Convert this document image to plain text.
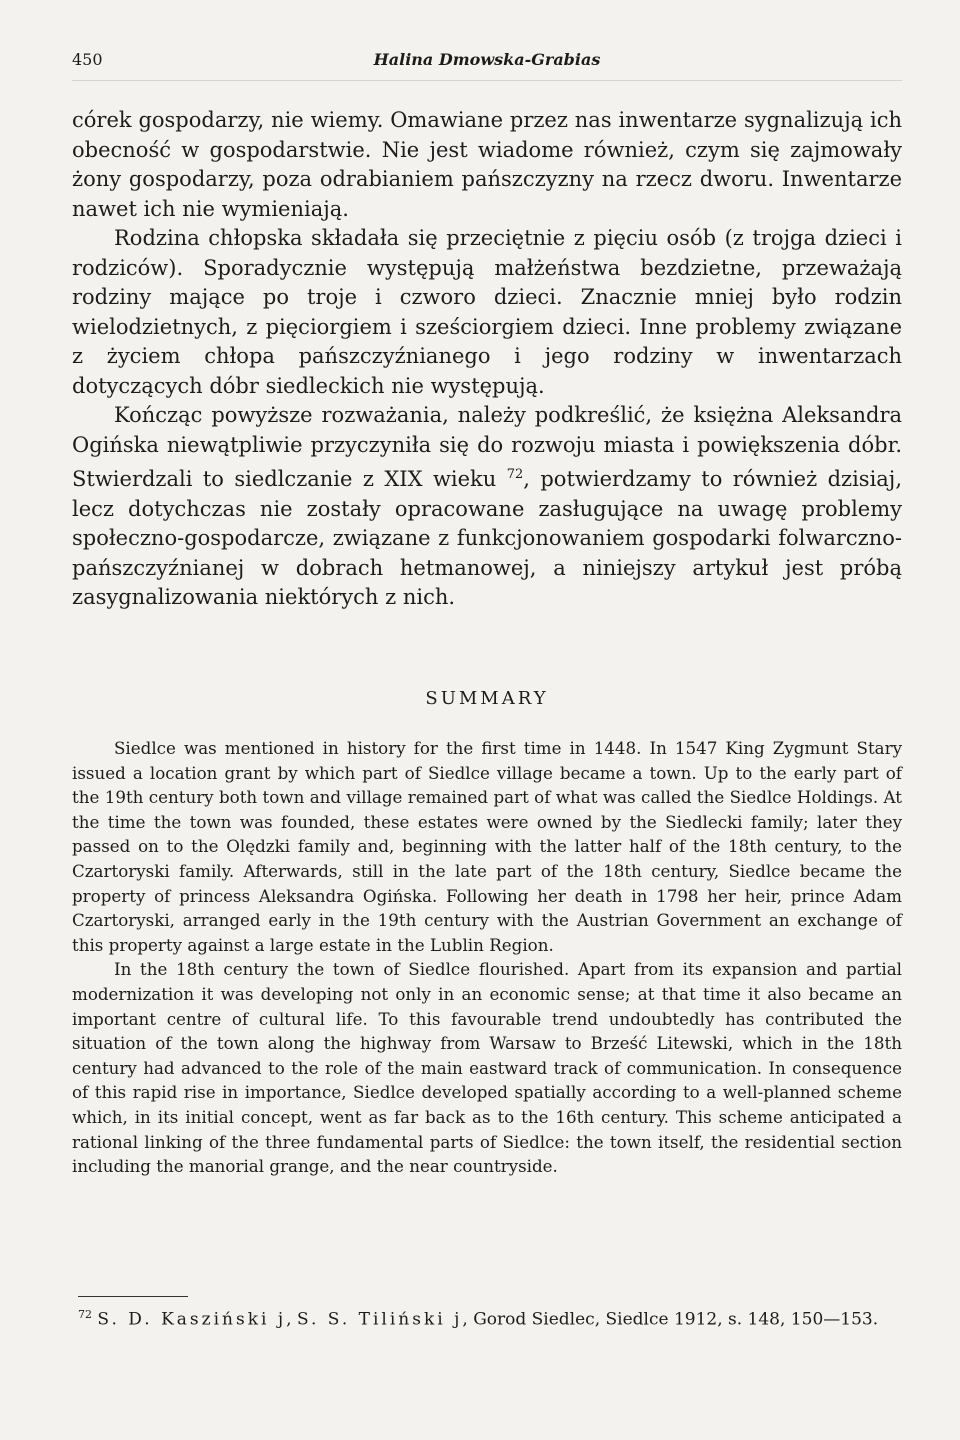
450	Halina Dmowska-Grabias

córek gospodarzy, nie wiemy. Omawiane przez nas inwentarze sygnalizują ich obecność w gospodarstwie. Nie jest wiadome również, czym się zajmowały żony gospodarzy, poza odrabianiem pańszczyzny na rzecz dworu. Inwentarze nawet ich nie wymieniają.

Rodzina chłopska składała się przeciętnie z pięciu osób (z trojga dzieci i rodziców). Sporadycznie występują małżeństwa bezdzietne, przeważają rodziny mające po troje i czworo dzieci. Znacznie mniej było rodzin wielodzietnych, z pięciorgiem i sześciorgiem dzieci. Inne problemy związane z życiem chłopa pańszczyźnianego i jego rodziny w inwentarzach dotyczących dóbr siedleckich nie występują.

Kończąc powyższe rozważania, należy podkreślić, że księżna Aleksandra Ogińska niewątpliwie przyczyniła się do rozwoju miasta i powiększenia dóbr. Stwierdzali to siedlczanie z XIX wieku $^{72}$, potwierdzamy to również dzisiaj, lecz dotychczas nie zostały opracowane zasługujące na uwagę problemy społeczno-gospodarcze, związane z funkcjonowaniem gospodarki folwarczno-pańszczyźnianej w dobrach hetmanowej, a niniejszy artykuł jest próbą zasygnalizowania niektórych z nich.

SUMMARY

Siedlce was mentioned in history for the first time in 1448. In 1547 King Zygmunt Stary issued a location grant by which part of Siedlce village became a town. Up to the early part of the 19th century both town and village remained part of what was called the Siedlce Holdings. At the time the town was founded, these estates were owned by the Siedlecki family; later they passed on to the Olędzki family and, beginning with the latter half of the 18th century, to the Czartoryski family. Afterwards, still in the late part of the 18th century, Siedlce became the property of princess Aleksandra Ogińska. Following her death in 1798 her heir, prince Adam Czartoryski, arranged early in the 19th century with the Austrian Government an exchange of this property against a large estate in the Lublin Region.

In the 18th century the town of Siedlce flourished. Apart from its expansion and partial modernization it was developing not only in an economic sense; at that time it also became an important centre of cultural life. To this favourable trend undoubtedly has contributed the situation of the town along the highway from Warsaw to Brześć Litewski, which in the 18th century had advanced to the role of the main eastward track of communication. In consequence of this rapid rise in importance, Siedlce developed spatially according to a well-planned scheme which, in its initial concept, went as far back as to the 16th century. This scheme anticipated a rational linking of the three fundamental parts of Siedlce: the town itself, the residential section including the manorial grange, and the near countryside.

$^{72}$ S. D. Kasziński j, S. S. Tiliński j, Gorod Siedlec, Siedlce 1912, s. 148, 150—153.
